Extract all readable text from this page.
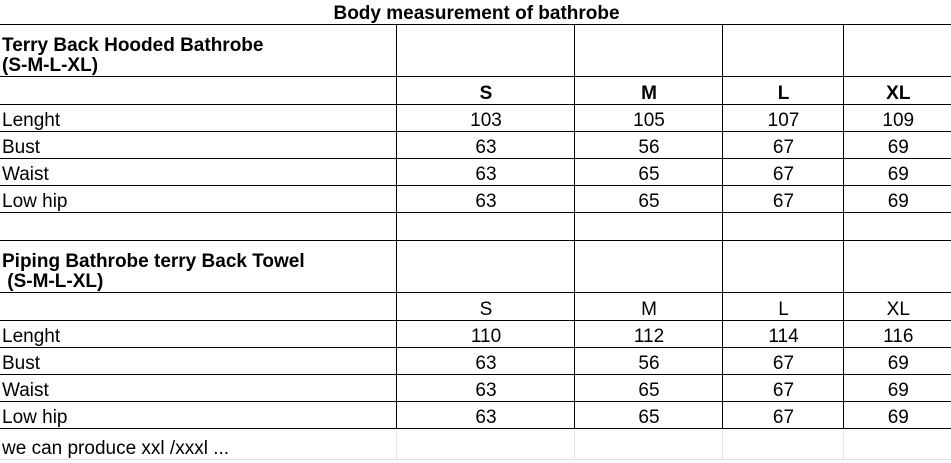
Body measurement of bathrobe				

Terry Back Hooded Bathrobe
(S-M-L-XL)				

	S	M	L	XL
Lenght	103	105	107	109
Bust	63	56	67	69
Waist	63	65	67	69
Low hip	63	65	67	69

Piping Bathrobe terry Back Towel
(S-M-L-XL)				

	S	M	L	XL
Lenght	110	112	114	116
Bust	63	56	67	69
Waist	63	65	67	69
Low hip	63	65	67	69
we can produce xxl /xxxl ...				
